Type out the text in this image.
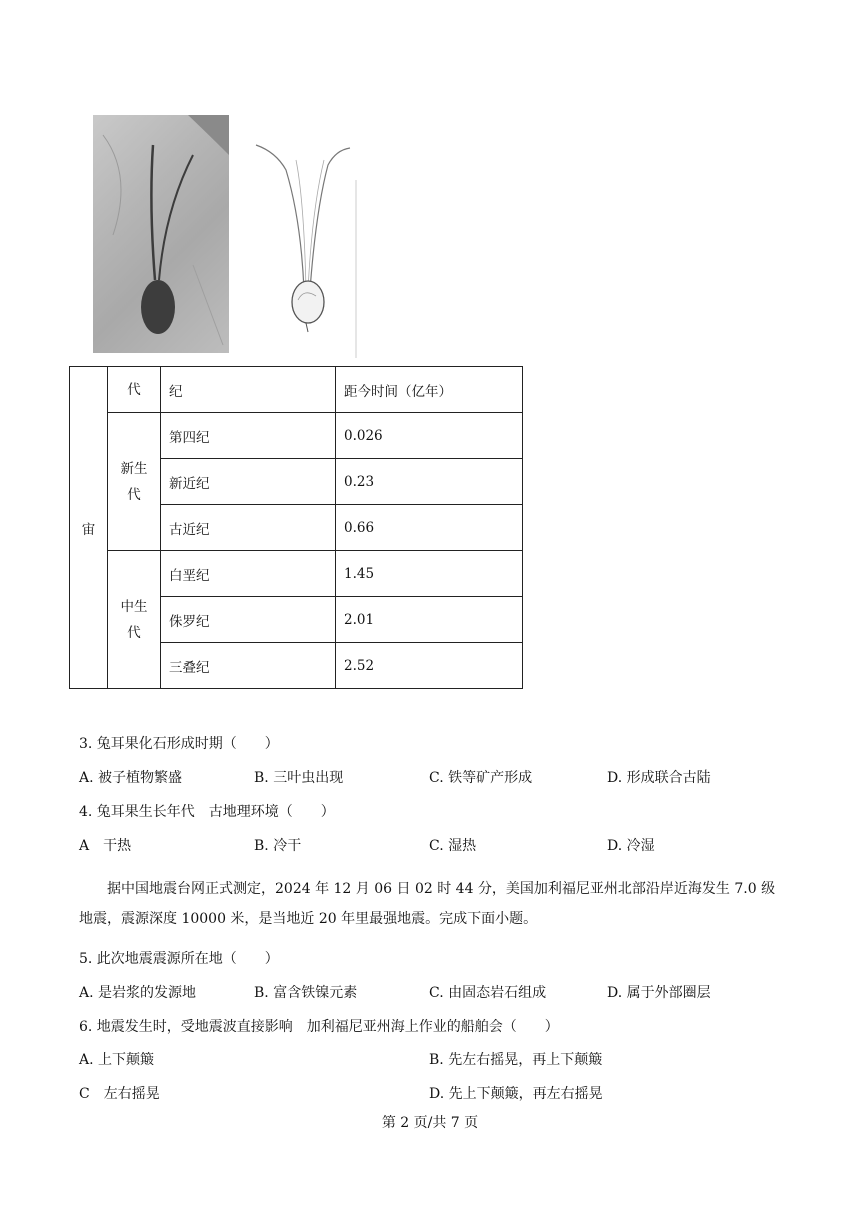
宙	代	纪	距今时间（亿年）
	新生代	第四纪	0.026
		新近纪	0.23
		古近纪	0.66
	中生代	白垩纪	1.45
		侏罗纪	2.01
		三叠纪	2.52
3. 兔耳果化石形成时期（　　）
A. 被子植物繁盛	B. 三叶虫出现	C. 铁等矿产形成	D. 形成联合古陆
4. 兔耳果生长年代　古地理环境（　　）
A　干热	B. 冷干	C. 湿热	D. 冷湿
据中国地震台网正式测定，2024 年 12 月 06 日 02 时 44 分，美国加利福尼亚州北部沿岸近海发生 7.0 级地震，震源深度 10000 米，是当地近 20 年里最强地震。完成下面小题。
5. 此次地震震源所在地（　　）
A. 是岩浆的发源地	B. 富含铁镍元素	C. 由固态岩石组成	D. 属于外部圈层
6. 地震发生时，受地震波直接影响　加利福尼亚州海上作业的船舶会（　　）
A. 上下颠簸	B. 先左右摇晃，再上下颠簸
C　左右摇晃	D. 先上下颠簸，再左右摇晃
第 2 页/共 7 页
